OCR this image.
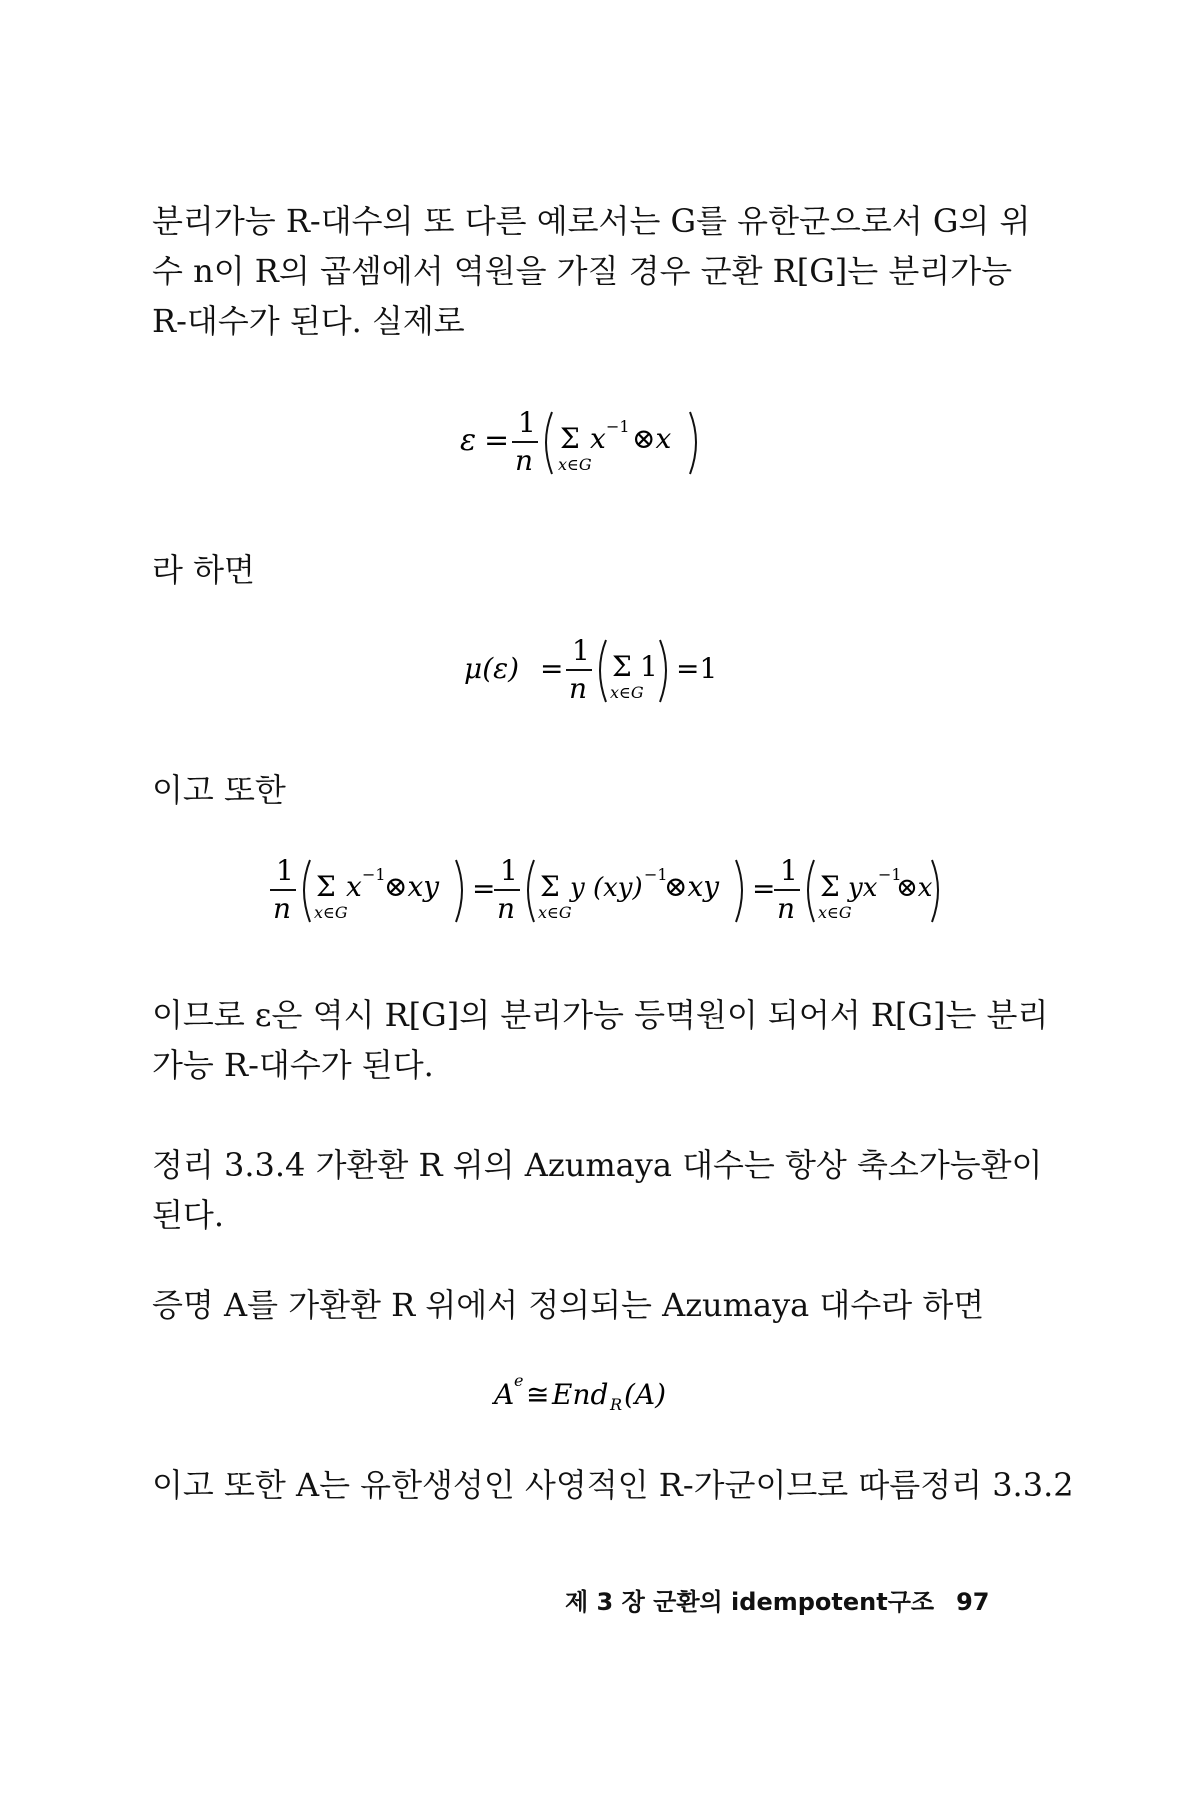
분리가능 R-대수의 또 다른 예로서는 G를 유한군으로서 G의 위
수 n이 R의 곱셈에서 역원을 가질 경우 군환 R[G]는 분리가능
R-대수가 된다. 실제로
ε =
1
n
Σ
x∈G
x −1 ⊗x
라 하면
μ(ε) =
1
n
Σ
x∈G
1 =1
이고 또한
1
n
Σ
x∈G
x −1
⊗xy =
1
n
Σ
x∈G
y (xy) −1
⊗xy =
1
n
Σ
x∈G
yx −1
⊗x
이므로 ε은 역시 R[G]의 분리가능 등멱원이 되어서 R[G]는 분리
가능 R-대수가 된다.
정리 3.3.4 가환환 R 위의 Azumaya 대수는 항상 축소가능환이
된다.
증명 A를 가환환 R 위에서 정의되는 Azumaya 대수라 하면
A e ≅ End R (A)
이고 또한 A는 유한생성인 사영적인 R-가군이므로 따름정리 3.3.2
제 3 장 군환의 idempotent구조 97
